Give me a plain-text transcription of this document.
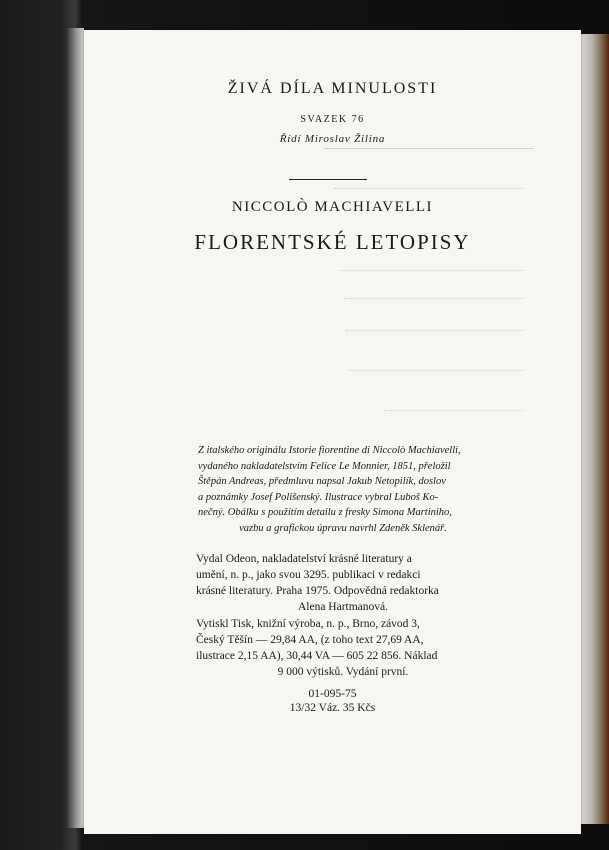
ŽIVÁ DÍLA MINULOSTI

SVAZEK 76

Řídí Miroslav Žilina

NICCOLÒ MACHIAVELLI

FLORENTSKÉ LETOPISY

Z italského originálu Istorie fiorentine di Niccolò Machiavelli,
vydaného nakladatelstvím Felice Le Monnier, 1851, přeložil
Štěpán Andreas, předmluvu napsal Jakub Netopilík, doslov
a poznámky Josef Polišenský. Ilustrace vybral Luboš Ko-
nečný. Obálku s použitím detailu z fresky Simona Martiniho,

vazbu a grafickou úpravu navrhl Zdeněk Sklenář.

Vydal Odeon, nakladatelství krásné literatury a
umění, n. p., jako svou 3295. publikaci v redakci
krásné literatury. Praha 1975. Odpovědná redaktorka

Alena Hartmanová.

Vytiskl Tisk, knižní výroba, n. p., Brno, závod 3,
Český Těšín — 29,84 AA, (z toho text 27,69 AA,
ilustrace 2,15 AA), 30,44 VA — 605 22 856. Náklad

9 000 výtisků. Vydání první.

01-095-75

13/32 Váz. 35 Kčs
